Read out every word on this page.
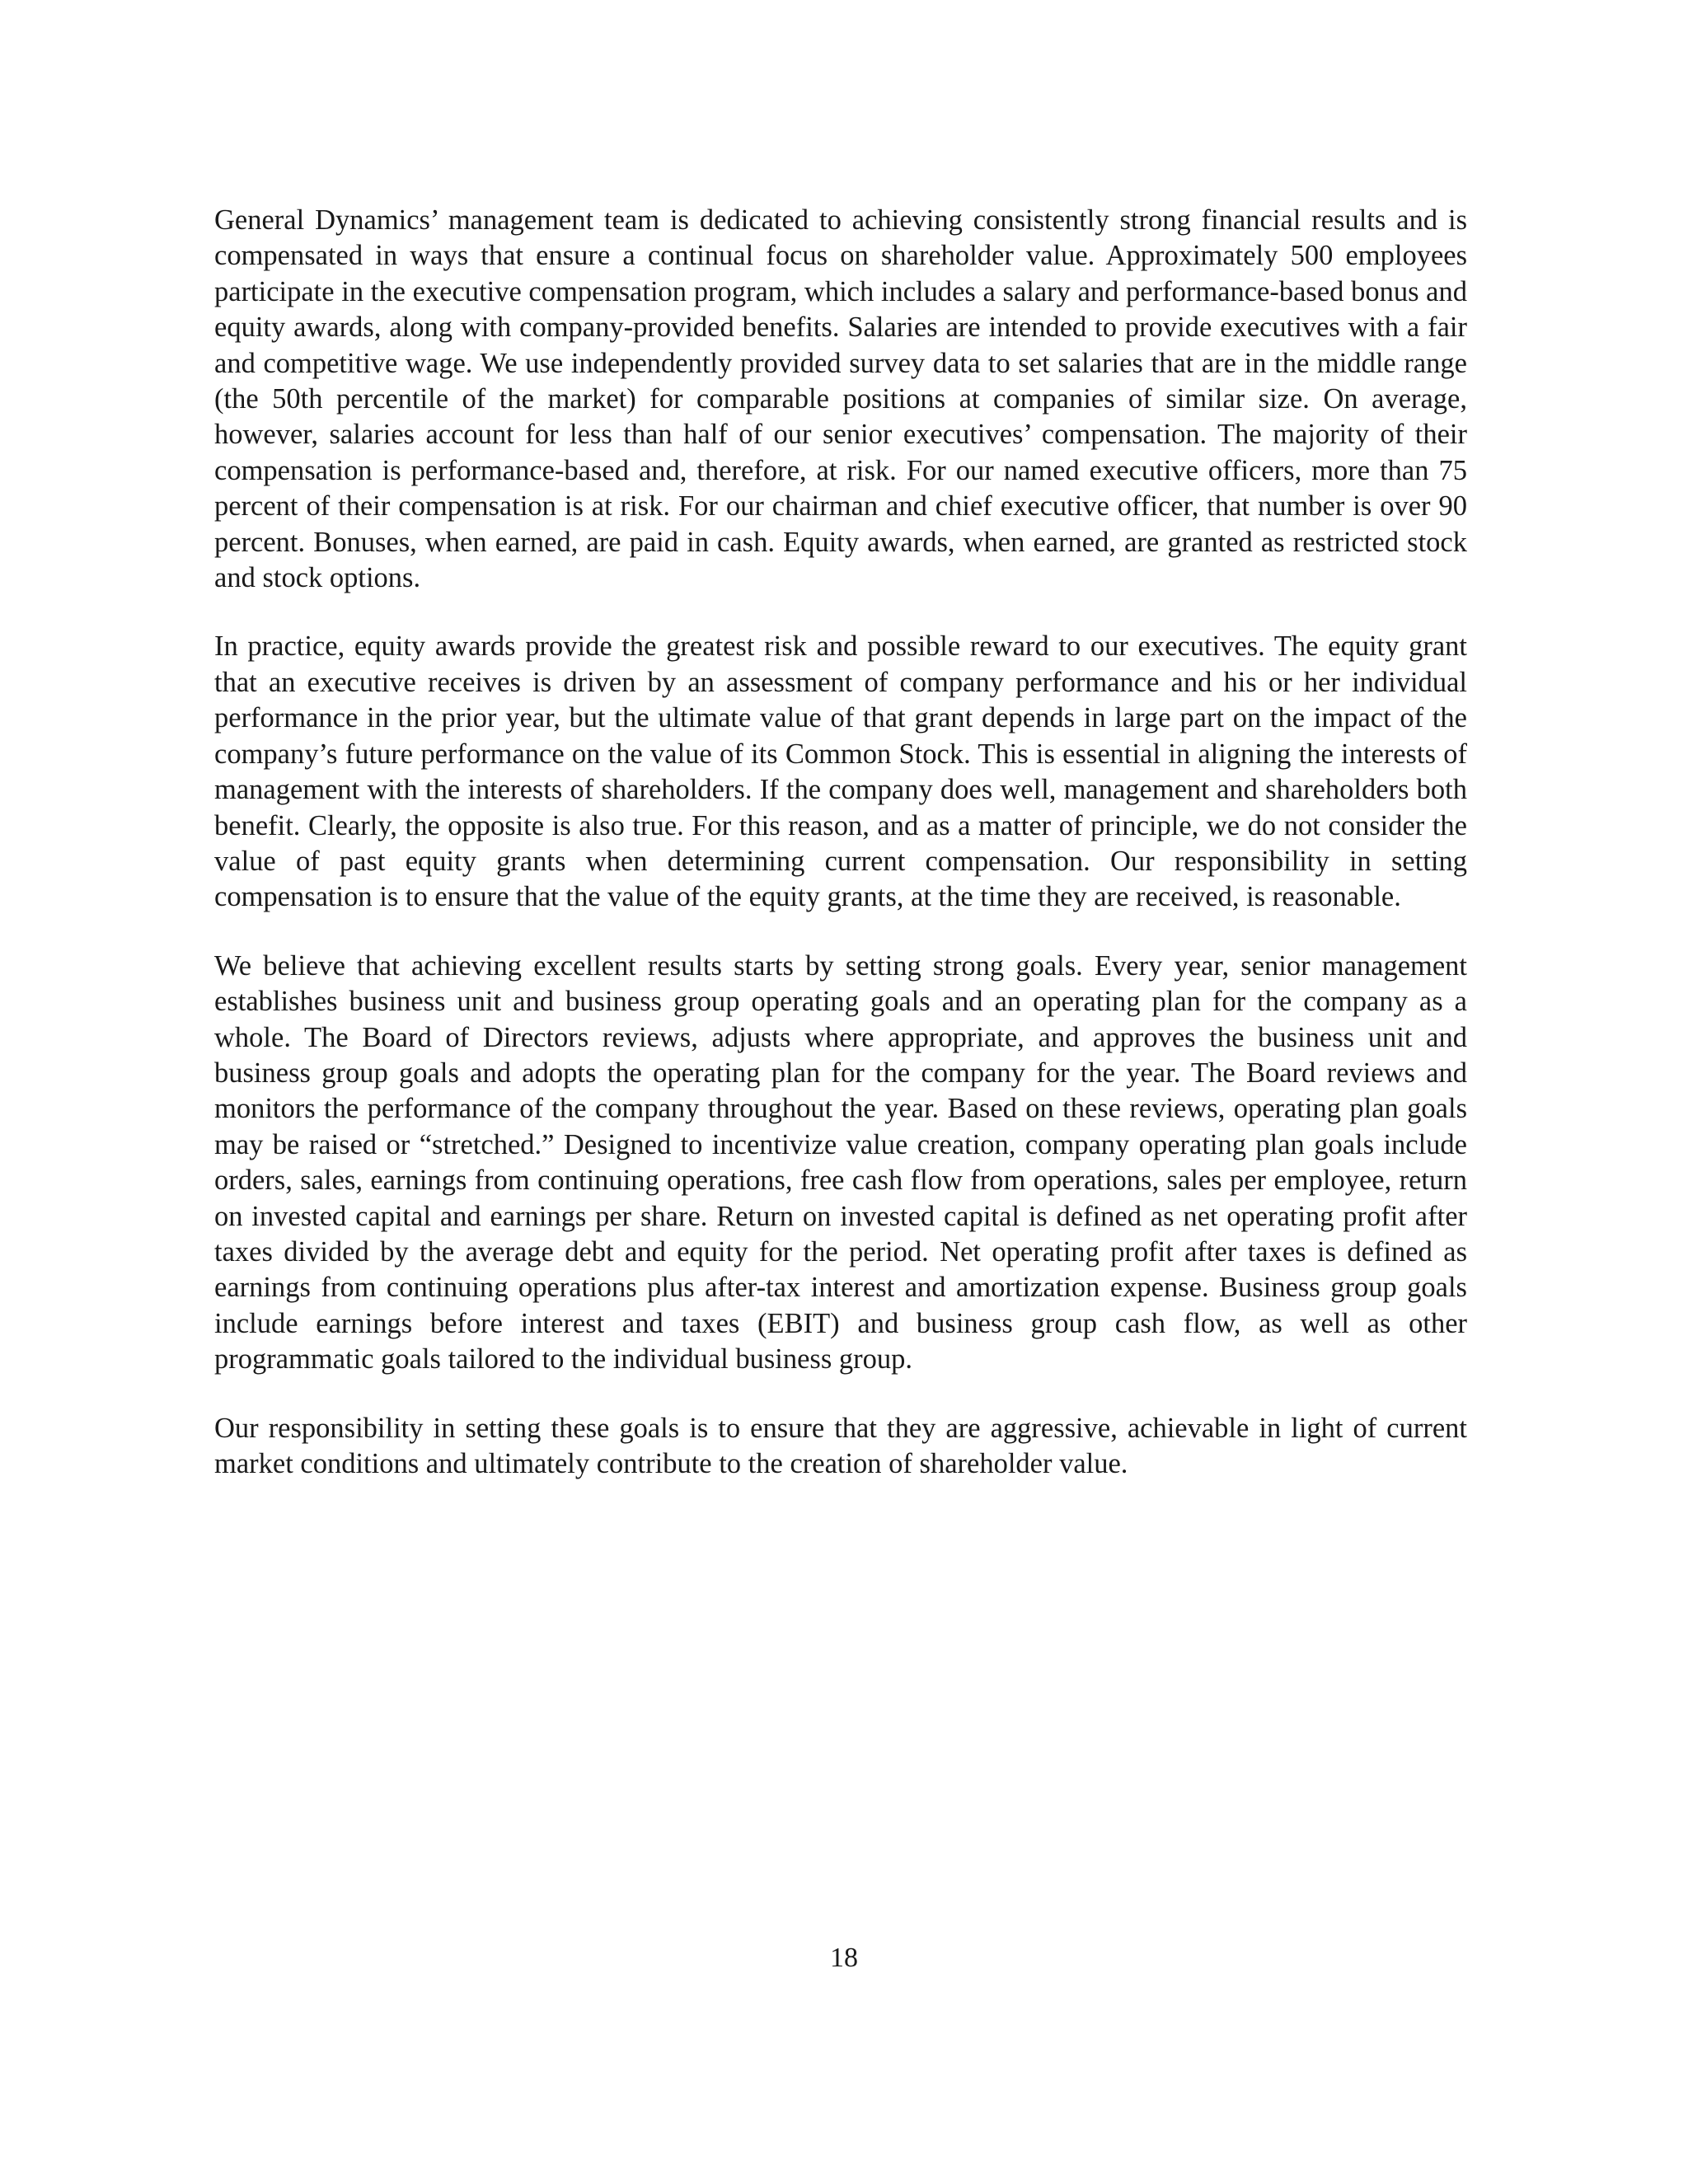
General Dynamics’ management team is dedicated to achieving consistently strong financial results and is compensated in ways that ensure a continual focus on shareholder value. Approximately 500 employees participate in the executive compensation program, which includes a salary and performance-based bonus and equity awards, along with company-provided benefits. Salaries are intended to provide executives with a fair and competitive wage. We use independently provided survey data to set salaries that are in the middle range (the 50th percentile of the market) for comparable positions at companies of similar size. On average, however, salaries account for less than half of our senior executives’ compensation. The majority of their compensation is performance-based and, therefore, at risk. For our named executive officers, more than 75 percent of their compensation is at risk. For our chairman and chief executive officer, that number is over 90 percent. Bonuses, when earned, are paid in cash. Equity awards, when earned, are granted as restricted stock and stock options.

In practice, equity awards provide the greatest risk and possible reward to our executives. The equity grant that an executive receives is driven by an assessment of company performance and his or her individual performance in the prior year, but the ultimate value of that grant depends in large part on the impact of the company’s future performance on the value of its Common Stock. This is essential in aligning the interests of management with the interests of shareholders. If the company does well, management and shareholders both benefit. Clearly, the opposite is also true. For this reason, and as a matter of principle, we do not consider the value of past equity grants when determining current compensation. Our responsibility in setting compensation is to ensure that the value of the equity grants, at the time they are received, is reasonable.

We believe that achieving excellent results starts by setting strong goals. Every year, senior management establishes business unit and business group operating goals and an operating plan for the company as a whole. The Board of Directors reviews, adjusts where appropriate, and approves the business unit and business group goals and adopts the operating plan for the company for the year. The Board reviews and monitors the performance of the company throughout the year. Based on these reviews, operating plan goals may be raised or “stretched.” Designed to incentivize value creation, company operating plan goals include orders, sales, earnings from continuing operations, free cash flow from operations, sales per employee, return on invested capital and earnings per share. Return on invested capital is defined as net operating profit after taxes divided by the average debt and equity for the period. Net operating profit after taxes is defined as earnings from continuing operations plus after-tax interest and amortization expense. Business group goals include earnings before interest and taxes (EBIT) and business group cash flow, as well as other programmatic goals tailored to the individual business group.

Our responsibility in setting these goals is to ensure that they are aggressive, achievable in light of current market conditions and ultimately contribute to the creation of shareholder value.

18
